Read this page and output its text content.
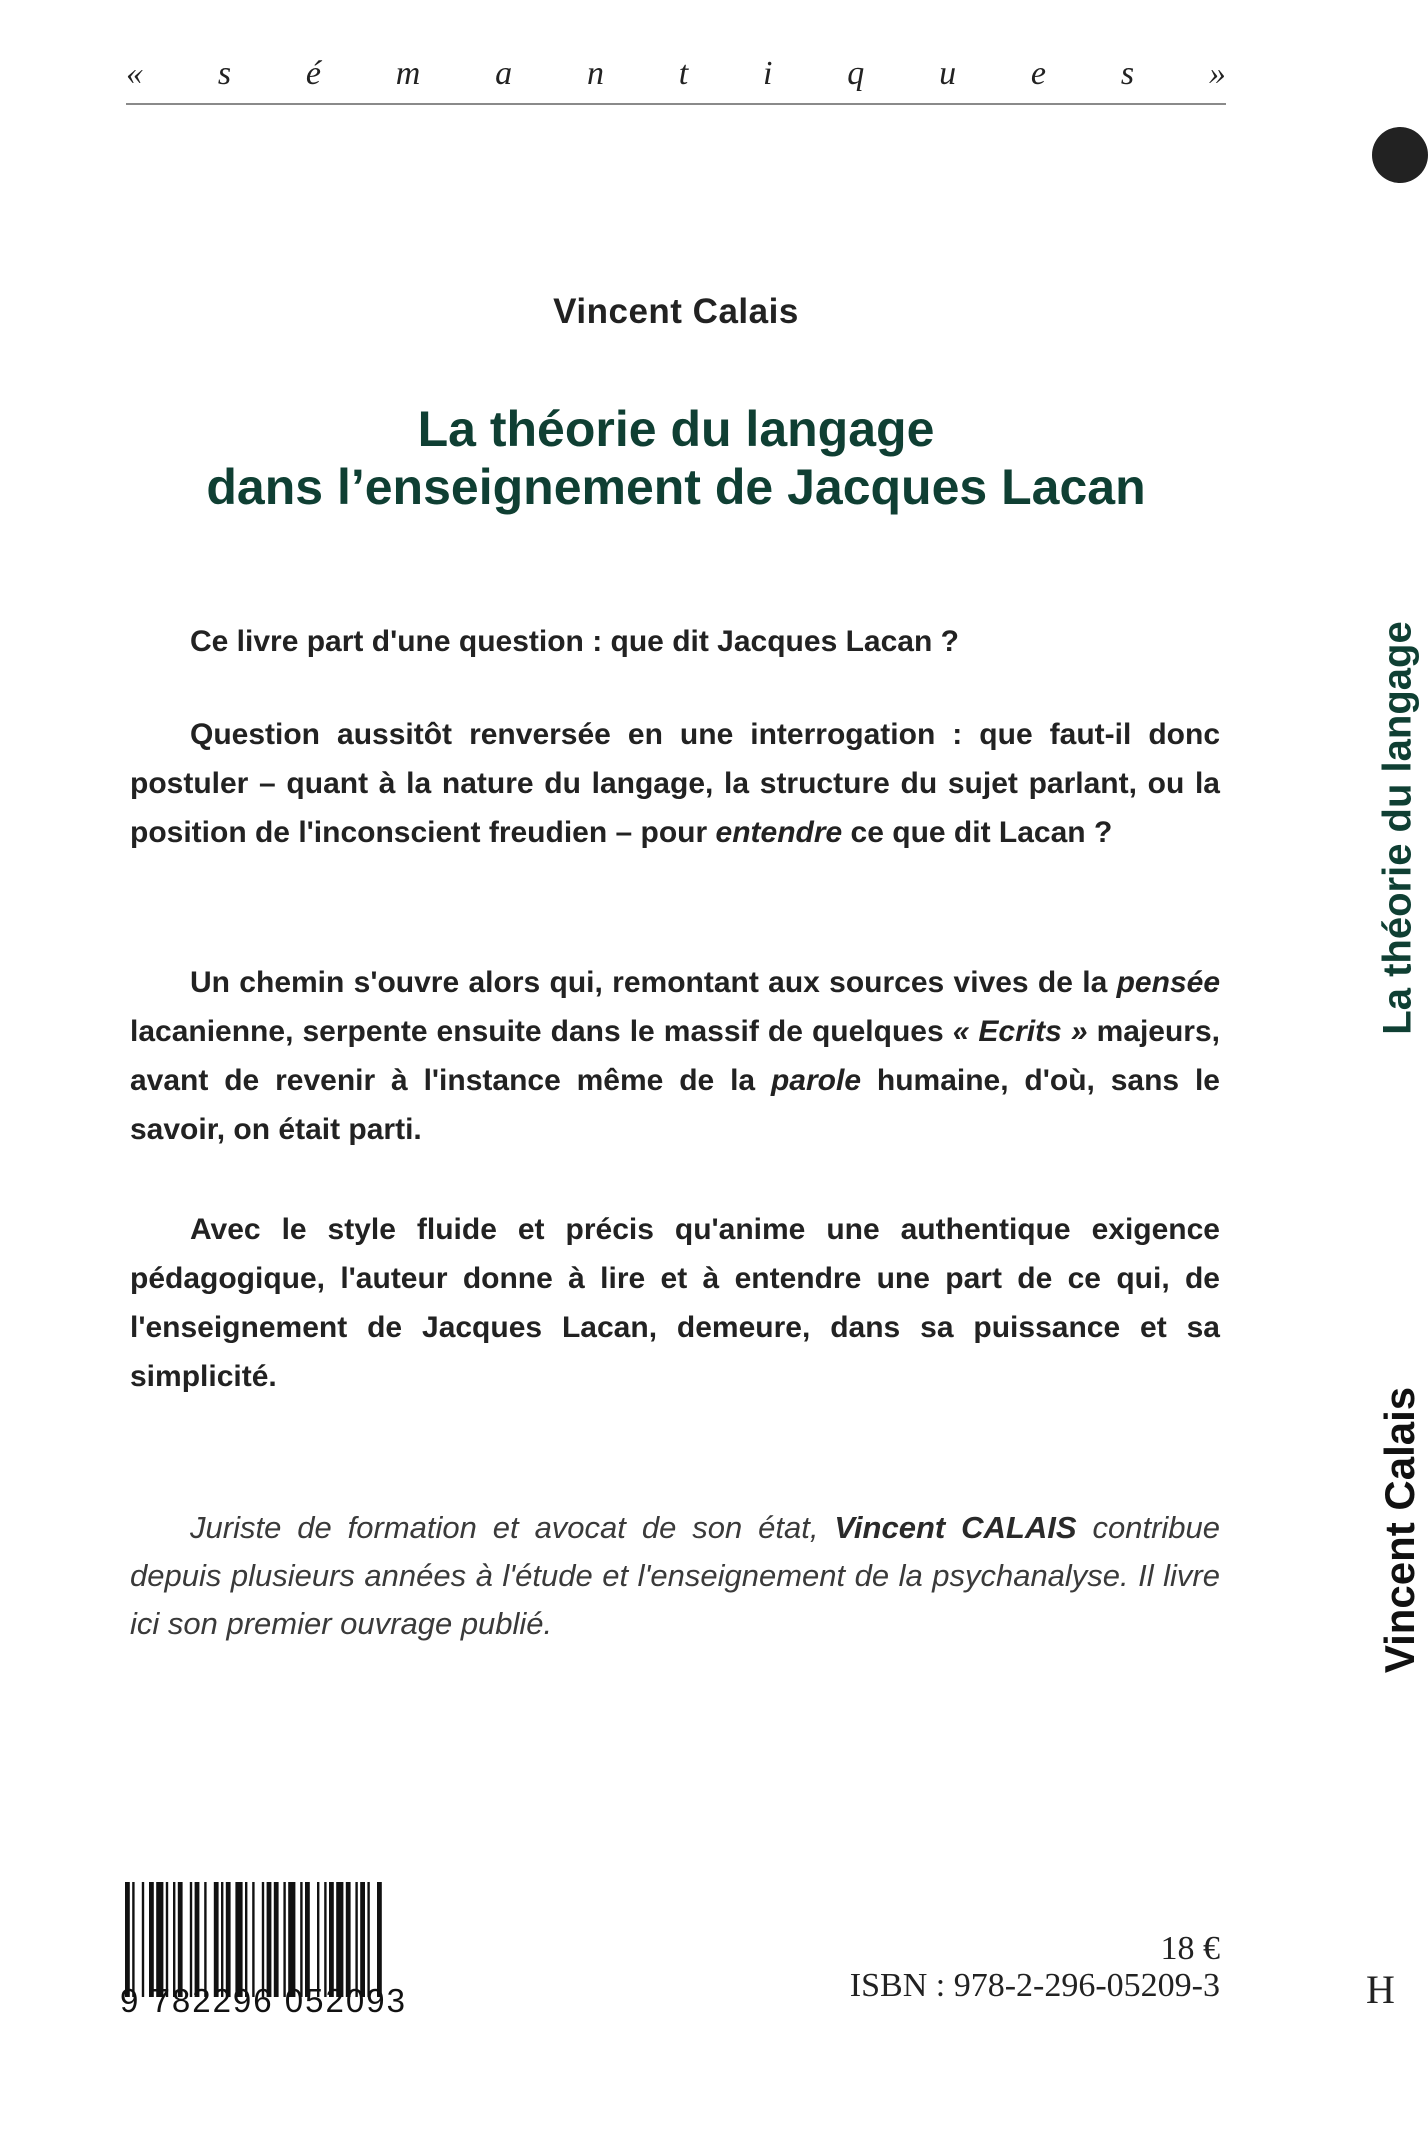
« s é m a n t i q u e s »
Vincent Calais
La théorie du langage
dans l’enseignement de Jacques Lacan

Ce livre part d'une question : que dit Jacques Lacan ?

Question aussitôt renversée en une interrogation : que faut-il donc postuler – quant à la nature du langage, la structure du sujet parlant, ou la position de l'inconscient freudien – pour entendre ce que dit Lacan ?

Un chemin s'ouvre alors qui, remontant aux sources vives de la pensée lacanienne, serpente ensuite dans le massif de quelques « Ecrits » majeurs, avant de revenir à l'instance même de la parole humaine, d'où, sans le savoir, on était parti.

Avec le style fluide et précis qu'anime une authentique exigence pédagogique, l'auteur donne à lire et à entendre une part de ce qui, de l'enseignement de Jacques Lacan, demeure, dans sa puissance et sa simplicité.

Juriste de formation et avocat de son état, Vincent CALAIS contribue depuis plusieurs années à l'étude et l'enseignement de la psychanalyse. Il livre ici son premier ouvrage publié.

9 782296 052093
18 €
ISBN : 978-2-296-05209-3
La théorie du langage
Vincent Calais
H
